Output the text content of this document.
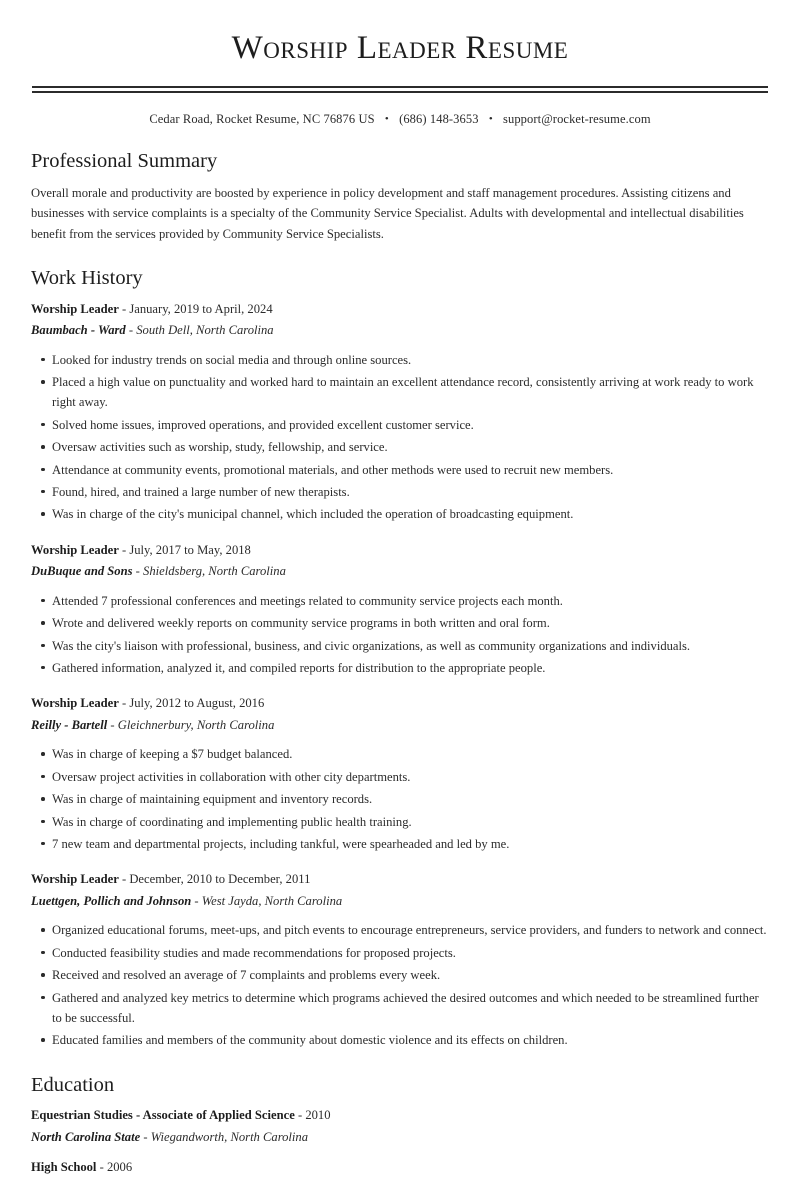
Worship Leader Resume
Cedar Road, Rocket Resume, NC 76876 US • (686) 148-3653 • support@rocket-resume.com
Professional Summary

Overall morale and productivity are boosted by experience in policy development and staff management procedures. Assisting citizens and businesses with service complaints is a specialty of the Community Service Specialist. Adults with developmental and intellectual disabilities benefit from the services provided by Community Service Specialists.

Work History
Worship Leader - January, 2019 to April, 2024
Baumbach - Ward - South Dell, North Carolina
Looked for industry trends on social media and through online sources.
Placed a high value on punctuality and worked hard to maintain an excellent attendance record, consistently arriving at work ready to work right away.
Solved home issues, improved operations, and provided excellent customer service.
Oversaw activities such as worship, study, fellowship, and service.
Attendance at community events, promotional materials, and other methods were used to recruit new members.
Found, hired, and trained a large number of new therapists.
Was in charge of the city's municipal channel, which included the operation of broadcasting equipment.
Worship Leader - July, 2017 to May, 2018
DuBuque and Sons - Shieldsberg, North Carolina
Attended 7 professional conferences and meetings related to community service projects each month.
Wrote and delivered weekly reports on community service programs in both written and oral form.
Was the city's liaison with professional, business, and civic organizations, as well as community organizations and individuals.
Gathered information, analyzed it, and compiled reports for distribution to the appropriate people.
Worship Leader - July, 2012 to August, 2016
Reilly - Bartell - Gleichnerbury, North Carolina
Was in charge of keeping a $7 budget balanced.
Oversaw project activities in collaboration with other city departments.
Was in charge of maintaining equipment and inventory records.
Was in charge of coordinating and implementing public health training.
7 new team and departmental projects, including tankful, were spearheaded and led by me.
Worship Leader - December, 2010 to December, 2011
Luettgen, Pollich and Johnson - West Jayda, North Carolina
Organized educational forums, meet-ups, and pitch events to encourage entrepreneurs, service providers, and funders to network and connect.
Conducted feasibility studies and made recommendations for proposed projects.
Received and resolved an average of 7 complaints and problems every week.
Gathered and analyzed key metrics to determine which programs achieved the desired outcomes and which needed to be streamlined further to be successful.
Educated families and members of the community about domestic violence and its effects on children.
Education
Equestrian Studies - Associate of Applied Science - 2010
North Carolina State - Wiegandworth, North Carolina
High School - 2006
